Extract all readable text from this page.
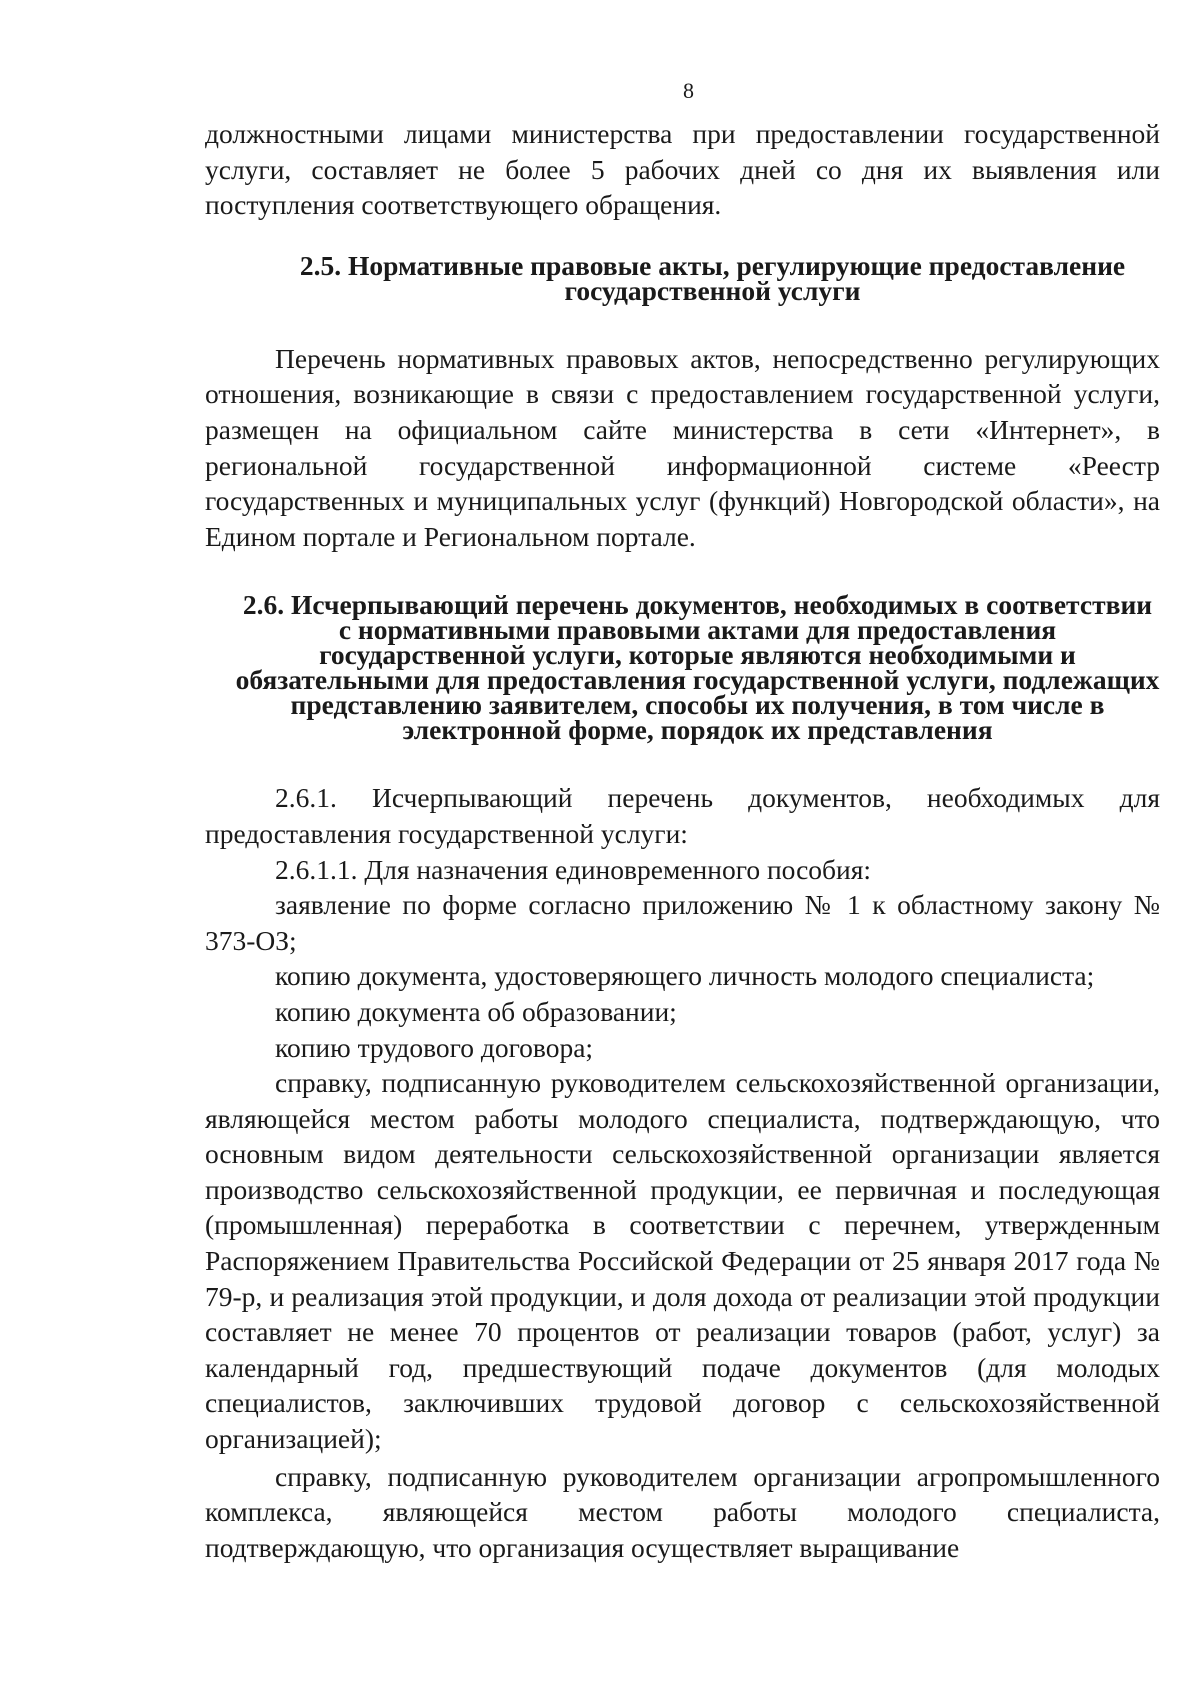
8

должностными лицами министерства при предоставлении государственной услуги, составляет не более 5 рабочих дней со дня их выявления или поступления соответствующего обращения.

2.5. Нормативные правовые акты, регулирующие предоставление государственной услуги

Перечень нормативных правовых актов, непосредственно регулирующих отношения, возникающие в связи с предоставлением государственной услуги, размещен на официальном сайте министерства в сети «Интернет», в региональной государственной информационной системе «Реестр государственных и муниципальных услуг (функций) Новгородской области», на Едином портале и Региональном портале.

2.6. Исчерпывающий перечень документов, необходимых в соответствии с нормативными правовыми актами для предоставления государственной услуги, которые являются необходимыми и обязательными для предоставления государственной услуги, подлежащих представлению заявителем, способы их получения, в том числе в электронной форме, порядок их представления

2.6.1. Исчерпывающий перечень документов, необходимых для предоставления государственной услуги:

2.6.1.1. Для назначения единовременного пособия:

заявление по форме согласно приложению № 1 к областному закону № 373-ОЗ;

копию документа, удостоверяющего личность молодого специалиста;

копию документа об образовании;

копию трудового договора;

справку, подписанную руководителем сельскохозяйственной организации, являющейся местом работы молодого специалиста, подтверждающую, что основным видом деятельности сельскохозяйственной организации является производство сельскохозяйственной продукции, ее первичная и последующая (промышленная) переработка в соответствии с перечнем, утвержденным Распоряжением Правительства Российской Федерации от 25 января 2017 года № 79-р, и реализация этой продукции, и доля дохода от реализации этой продукции составляет не менее 70 процентов от реализации товаров (работ, услуг) за календарный год, предшествующий подаче документов (для молодых специалистов, заключивших трудовой договор с сельскохозяйственной организацией);

справку, подписанную руководителем организации агропромышленного комплекса, являющейся местом работы молодого специалиста, подтверждающую, что организация осуществляет выращивание
